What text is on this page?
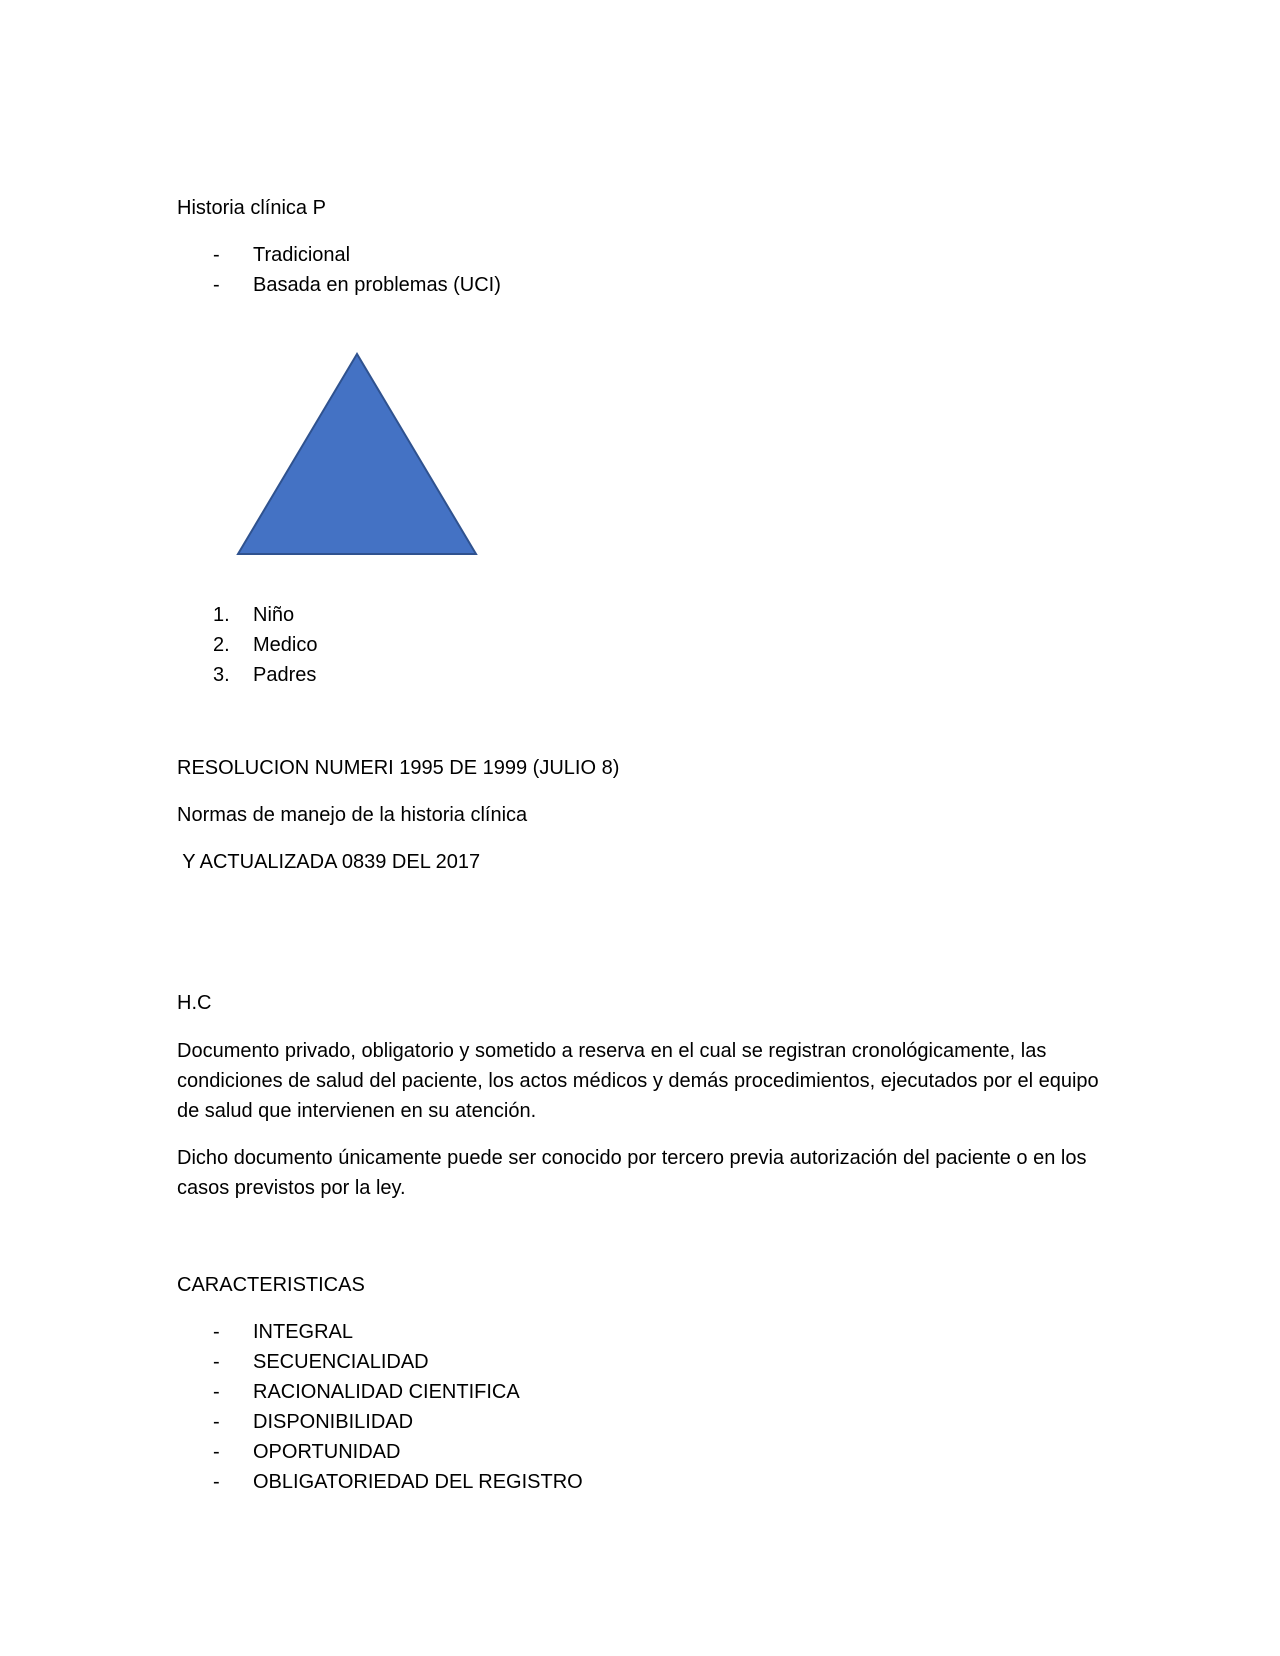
Historia clínica P

-	Tradicional
-	Basada en problemas (UCI)
1.	Niño
2.	Medico
3.	Padres

RESOLUCION NUMERI 1995 DE 1999 (JULIO 8)

Normas de manejo de la historia clínica

Y ACTUALIZADA 0839 DEL 2017

H.C

Documento privado, obligatorio y sometido a reserva en el cual se registran cronológicamente, las condiciones de salud del paciente, los actos médicos y demás procedimientos, ejecutados por el equipo de salud que intervienen en su atención.

Dicho documento únicamente puede ser conocido por tercero previa autorización del paciente o en los casos previstos por la ley.

CARACTERISTICAS

-	INTEGRAL
-	SECUENCIALIDAD
-	RACIONALIDAD CIENTIFICA
-	DISPONIBILIDAD
-	OPORTUNIDAD
-	OBLIGATORIEDAD DEL REGISTRO
